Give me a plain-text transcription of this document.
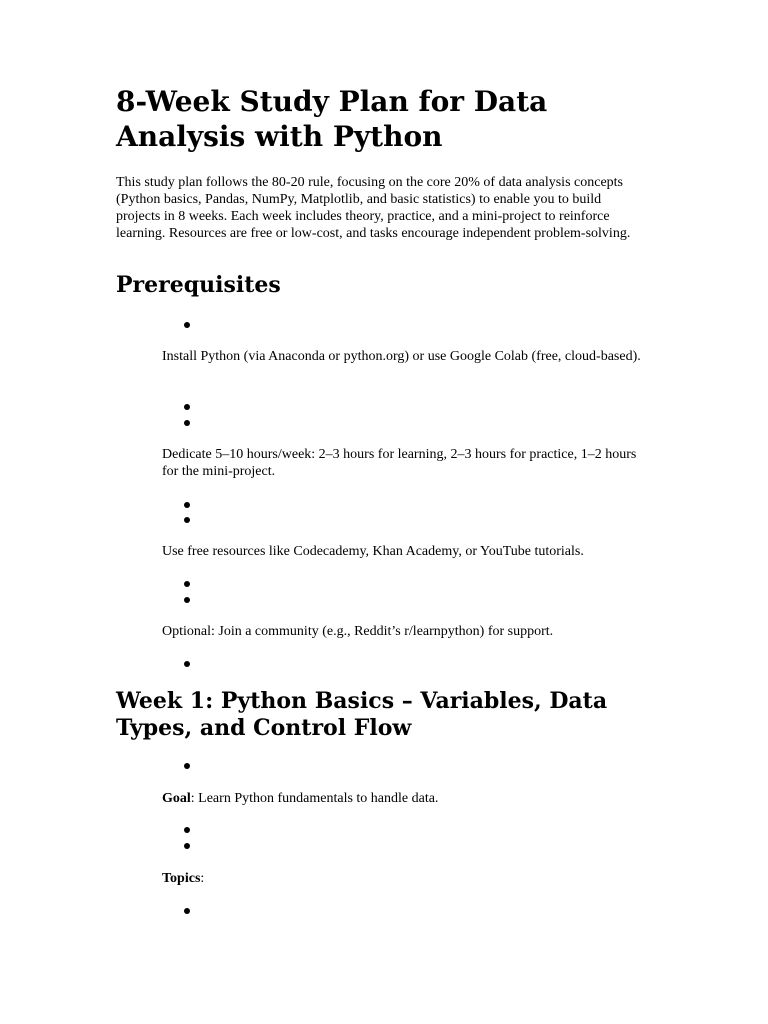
8-Week Study Plan for Data Analysis with Python

This study plan follows the 80-20 rule, focusing on the core 20% of data analysis concepts (Python basics, Pandas, NumPy, Matplotlib, and basic statistics) to enable you to build projects in 8 weeks. Each week includes theory, practice, and a mini-project to reinforce learning. Resources are free or low-cost, and tasks encourage independent problem-solving.

Prerequisites

Install Python (via Anaconda or python.org) or use Google Colab (free, cloud-based).

Dedicate 5–10 hours/week: 2–3 hours for learning, 2–3 hours for practice, 1–2 hours for the mini-project.

Use free resources like Codecademy, Khan Academy, or YouTube tutorials.

Optional: Join a community (e.g., Reddit’s r/learnpython) for support.

Week 1: Python Basics – Variables, Data Types, and Control Flow

Goal: Learn Python fundamentals to handle data.

Topics:
